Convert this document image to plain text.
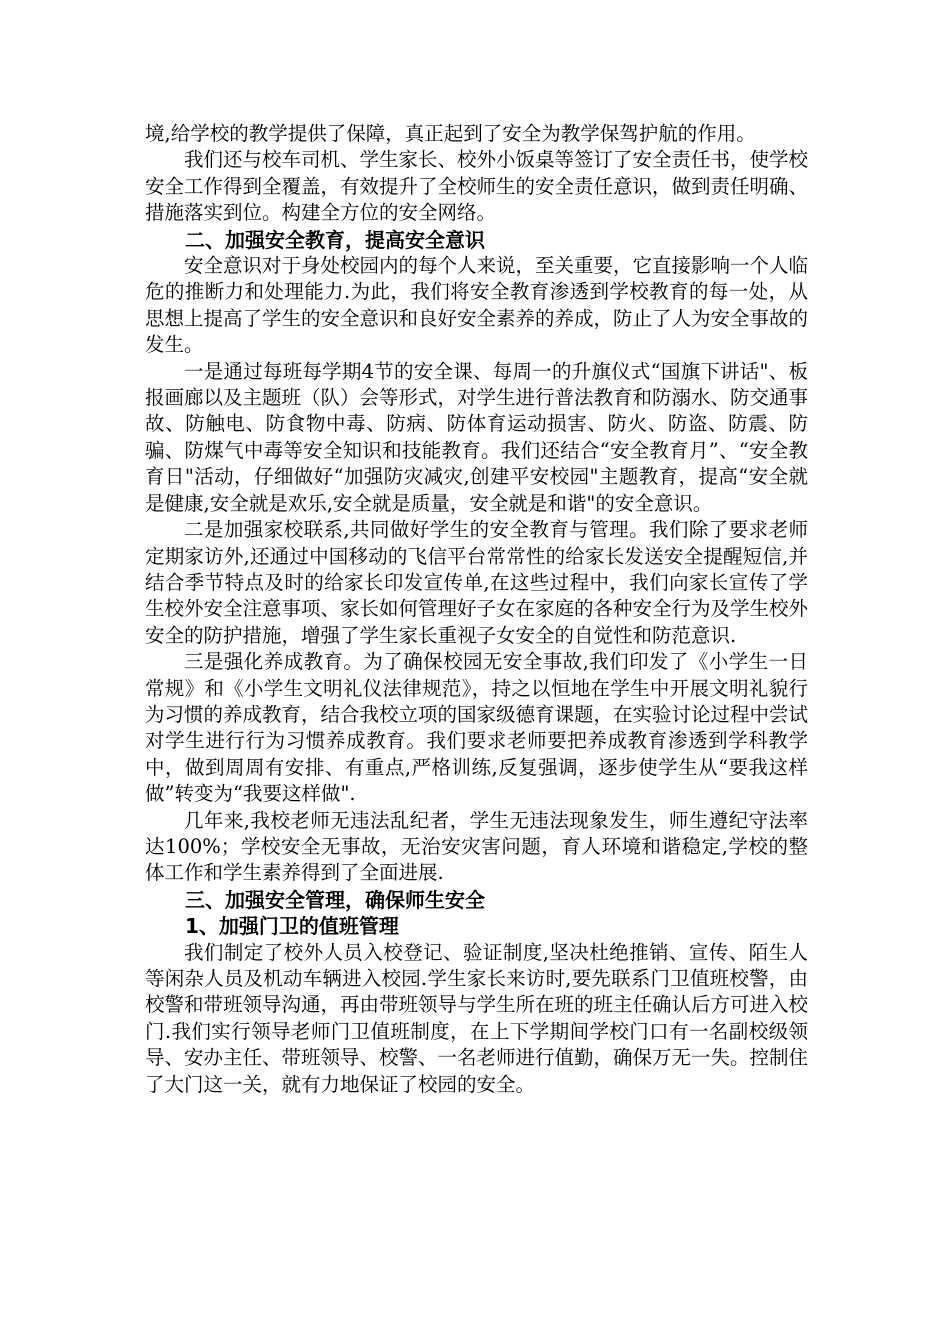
境,给学校的教学提供了保障，真正起到了安全为教学保驾护航的作用。

我们还与校车司机、学生家长、校外小饭桌等签订了安全责任书，使学校安全工作得到全覆盖，有效提升了全校师生的安全责任意识，做到责任明确、措施落实到位。构建全方位的安全网络。

二、加强安全教育，提高安全意识

安全意识对于身处校园内的每个人来说，至关重要，它直接影响一个人临危的推断力和处理能力.为此，我们将安全教育渗透到学校教育的每一处，从思想上提高了学生的安全意识和良好安全素养的养成，防止了人为安全事故的发生。

一是通过每班每学期4节的安全课、每周一的升旗仪式“国旗下讲话"、板报画廊以及主题班（队）会等形式，对学生进行普法教育和防溺水、防交通事故、防触电、防食物中毒、防病、防体育运动损害、防火、防盗、防震、防骗、防煤气中毒等安全知识和技能教育。我们还结合“安全教育月”、“安全教育日"活动，仔细做好“加强防灾减灾,创建平安校园"主题教育，提高“安全就是健康,安全就是欢乐,安全就是质量，安全就是和谐"的安全意识。

二是加强家校联系,共同做好学生的安全教育与管理。我们除了要求老师定期家访外,还通过中国移动的飞信平台常常性的给家长发送安全提醒短信,并结合季节特点及时的给家长印发宣传单,在这些过程中，我们向家长宣传了学生校外安全注意事项、家长如何管理好子女在家庭的各种安全行为及学生校外安全的防护措施，增强了学生家长重视子女安全的自觉性和防范意识.

三是强化养成教育。为了确保校园无安全事故,我们印发了《小学生一日常规》和《小学生文明礼仪法律规范》，持之以恒地在学生中开展文明礼貌行为习惯的养成教育，结合我校立项的国家级德育课题，在实验讨论过程中尝试对学生进行行为习惯养成教育。我们要求老师要把养成教育渗透到学科教学中，做到周周有安排、有重点,严格训练,反复强调，逐步使学生从“要我这样做”转变为“我要这样做".

几年来,我校老师无违法乱纪者，学生无违法现象发生，师生遵纪守法率达100%；学校安全无事故，无治安灾害问题，育人环境和谐稳定,学校的整体工作和学生素养得到了全面进展.

三、加强安全管理，确保师生安全
1、加强门卫的值班管理

我们制定了校外人员入校登记、验证制度,坚决杜绝推销、宣传、陌生人等闲杂人员及机动车辆进入校园.学生家长来访时,要先联系门卫值班校警，由校警和带班领导沟通，再由带班领导与学生所在班的班主任确认后方可进入校门.我们实行领导老师门卫值班制度，在上下学期间学校门口有一名副校级领导、安办主任、带班领导、校警、一名老师进行值勤，确保万无一失。控制住了大门这一关，就有力地保证了校园的安全。
